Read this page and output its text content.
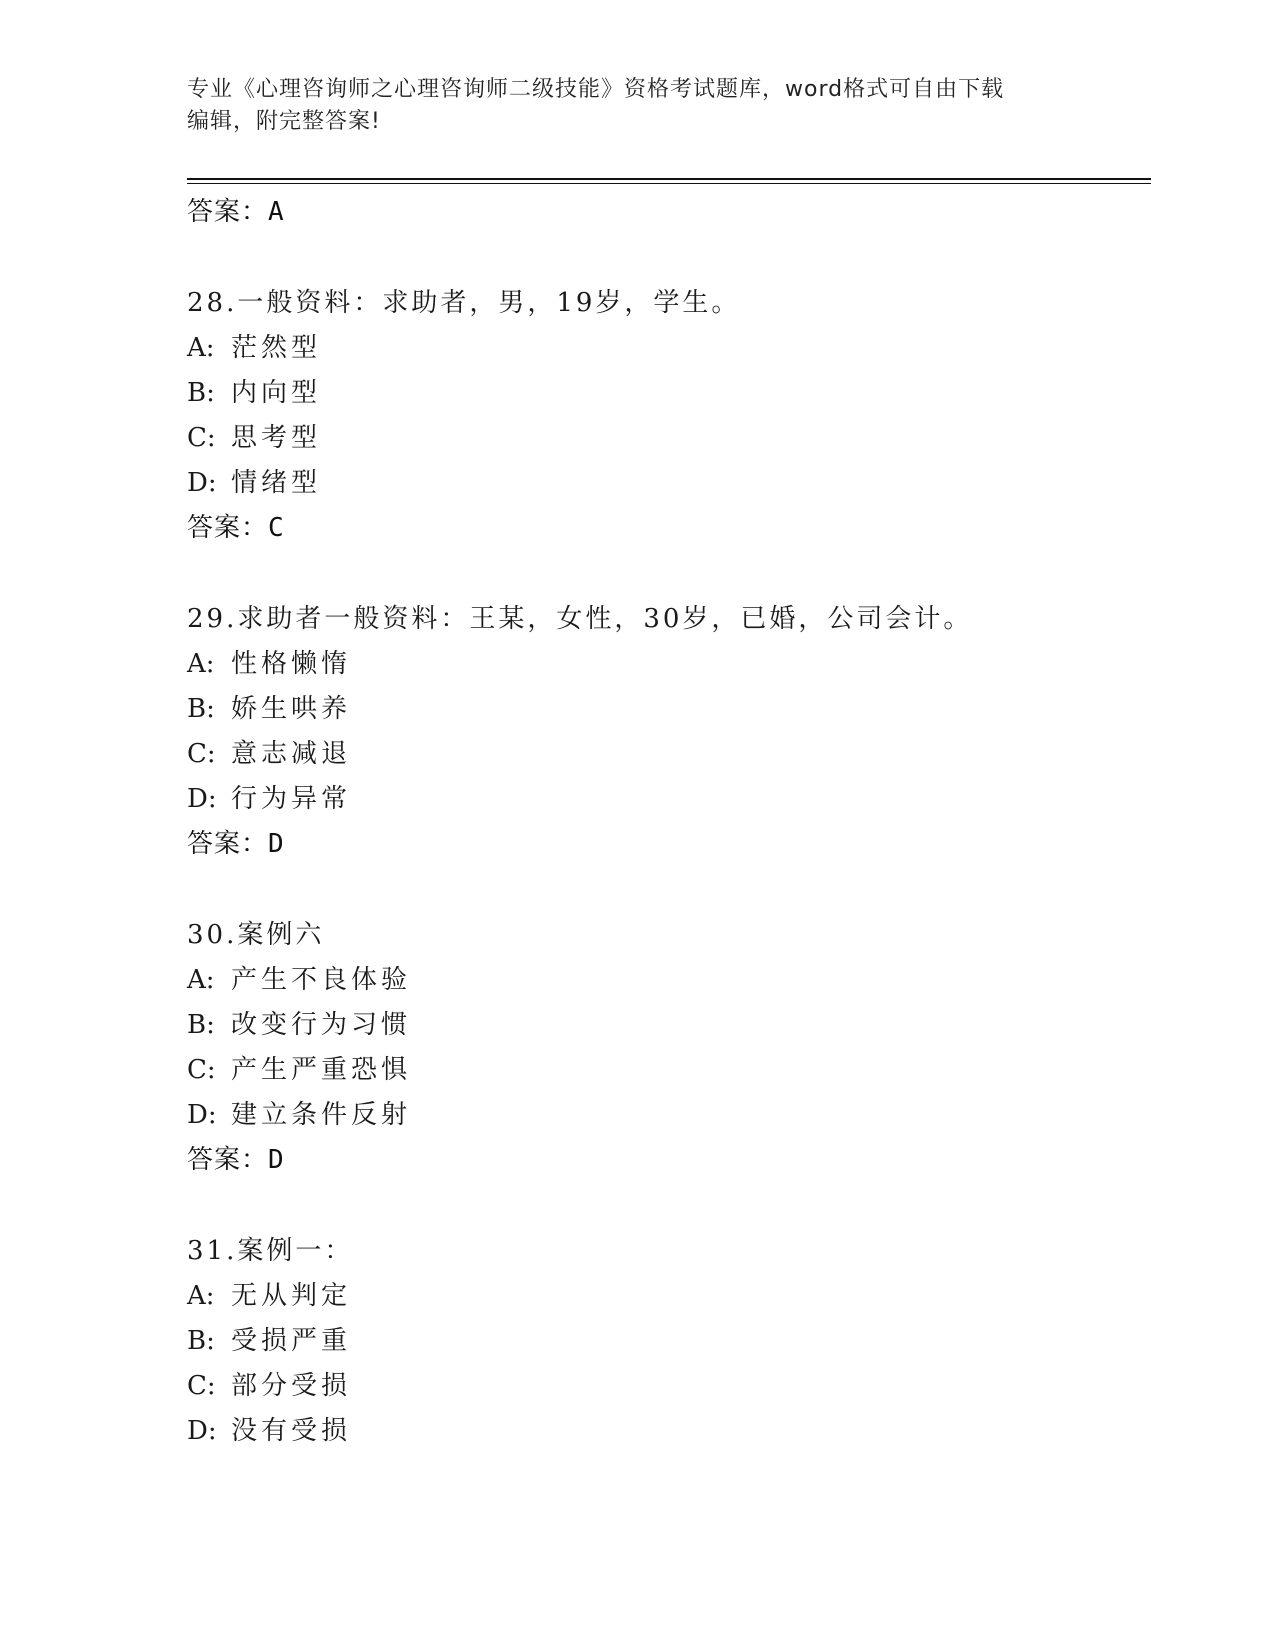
专业《心理咨询师之心理咨询师二级技能》资格考试题库，word格式可自由下载
编辑，附完整答案!
答案：A
28.一般资料：求助者，男，19岁，学生。
A: 茫然型
B: 内向型
C: 思考型
D: 情绪型
答案：C
29.求助者一般资料：王某，女性，30岁，已婚，公司会计。
A: 性格懒惰
B: 娇生哄养
C: 意志减退
D: 行为异常
答案：D
30.案例六
A: 产生不良体验
B: 改变行为习惯
C: 产生严重恐惧
D: 建立条件反射
答案：D
31.案例一：
A: 无从判定
B: 受损严重
C: 部分受损
D: 没有受损
